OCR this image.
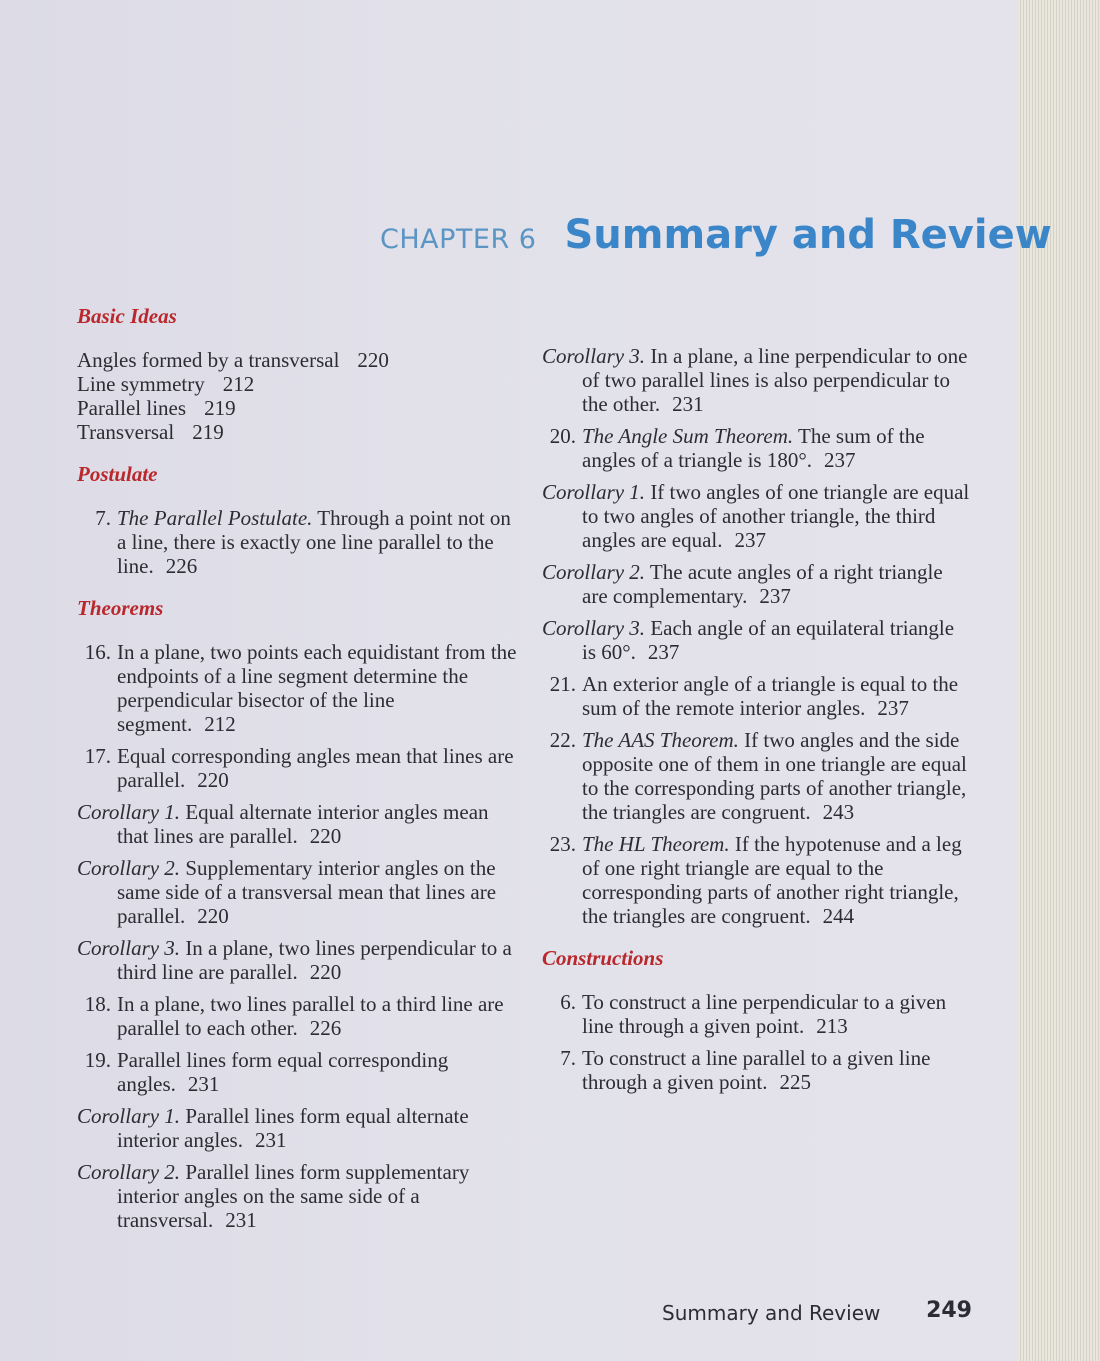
CHAPTER 6 Summary and Review
Basic Ideas
Angles formed by a transversal 220
Line symmetry 212
Parallel lines 219
Transversal 219
Postulate
7. The Parallel Postulate. Through a point not on a line, there is exactly one line parallel to the line. 226
Theorems
16. In a plane, two points each equidistant from the endpoints of a line segment determine the perpendicular bisector of the line segment. 212
17. Equal corresponding angles mean that lines are parallel. 220
Corollary 1. Equal alternate interior angles mean that lines are parallel. 220
Corollary 2. Supplementary interior angles on the same side of a transversal mean that lines are parallel. 220
Corollary 3. In a plane, two lines perpendicular to a third line are parallel. 220
18. In a plane, two lines parallel to a third line are parallel to each other. 226
19. Parallel lines form equal corresponding angles. 231
Corollary 1. Parallel lines form equal alternate interior angles. 231
Corollary 2. Parallel lines form supplementary interior angles on the same side of a transversal. 231
Corollary 3. In a plane, a line perpendicular to one of two parallel lines is also perpendicular to the other. 231
20. The Angle Sum Theorem. The sum of the angles of a triangle is 180°. 237
Corollary 1. If two angles of one triangle are equal to two angles of another triangle, the third angles are equal. 237
Corollary 2. The acute angles of a right triangle are complementary. 237
Corollary 3. Each angle of an equilateral triangle is 60°. 237
21. An exterior angle of a triangle is equal to the sum of the remote interior angles. 237
22. The AAS Theorem. If two angles and the side opposite one of them in one triangle are equal to the corresponding parts of another triangle, the triangles are congruent. 243
23. The HL Theorem. If the hypotenuse and a leg of one right triangle are equal to the corresponding parts of another right triangle, the triangles are congruent. 244
Constructions
6. To construct a line perpendicular to a given line through a given point. 213
7. To construct a line parallel to a given line through a given point. 225
Summary and Review 249
